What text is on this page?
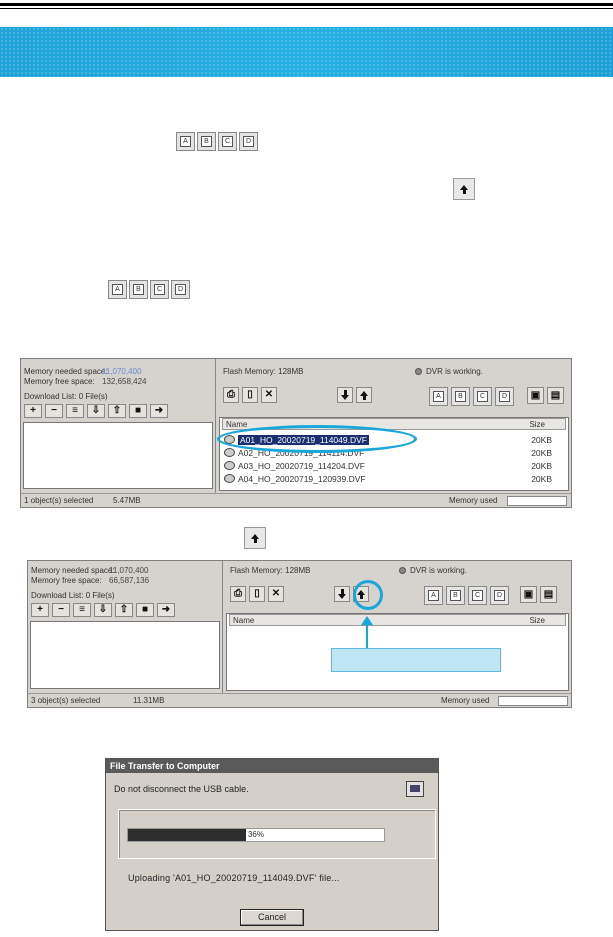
A	B	C	D
A	B	C	D
Memory needed space:
11,070,400
Memory free space: 132,658,424
Download List: 0 File(s)
+	−	≡	⇩	⇧	■	➜
Flash Memory: 128MB	DVR is working.
⎙	▯	✕	A	B	C	D	▣	▤
Name	Size
A01_HO_20020719_114049.DVF	20KB
A02_HO_20020719_114114.DVF	20KB
A03_HO_20020719_114204.DVF	20KB
A04_HO_20020719_120939.DVF	20KB
1 object(s) selected 5.47MB	Memory used
Memory needed space:
11,070,400
Memory free space: 66,587,136
Download List: 0 File(s)
+	−	≡	⇩	⇧	■	➜
Flash Memory: 128MB	DVR is working.
⎙	▯	✕	A	B	C	D	▣	▤
Name	Size
3 object(s) selected	11.31MB	Memory used
File Transfer to Computer
Do not disconnect the USB cable.
36%
Uploading 'A01_HO_20020719_114049.DVF' file...
Cancel
